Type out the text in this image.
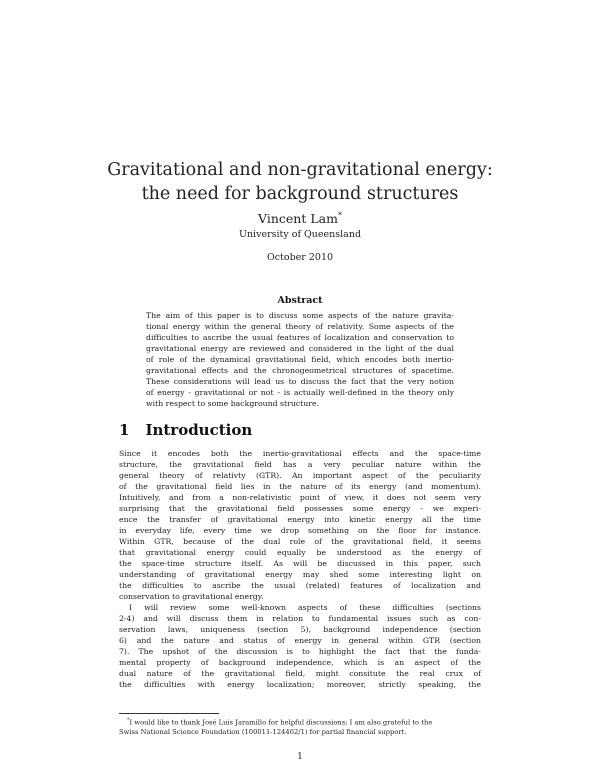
Gravitational and non-gravitational energy: the need for background structures
Vincent Lam*
University of Queensland
October 2010
Abstract
The aim of this paper is to discuss some aspects of the nature gravita-
tional energy within the general theory of relativity. Some aspects of the
difficulties to ascribe the usual features of localization and conservation to
gravitational energy are reviewed and considered in the light of the dual
of role of the dynamical gravitational field, which encodes both inertio-
gravitational effects and the chronogeometrical structures of spacetime.
These considerations will lead us to discuss the fact that the very notion
of energy - gravitational or not - is actually well-defined in the theory only
with respect to some background structure.
1 Introduction
Since it encodes both the inertio-gravitational effects and the space-time
structure, the gravitational field has a very peculiar nature within the
general theory of relativty (GTR). An important aspect of the peculiarity
of the gravitational field lies in the nature of its energy (and momentum).
Intuitively, and from a non-relativistic point of view, it does not seem very
surprising that the gravitational field possesses some energy - we experi-
ence the transfer of gravitational energy into kinetic energy all the time
in everyday life, every time we drop something on the floor for instance.
Within GTR, because of the dual role of the gravitational field, it seems
that gravitational energy could equally be understood as the energy of
the space-time structure itself. As will be discussed in this paper, such
understanding of gravitational energy may shed some interesting light on
the difficulties to ascribe the usual (related) features of localization and
conservation to gravitational energy.
I will review some well-known aspects of these difficulties (sections
2-4) and will discuss them in relation to fundamental issues such as con-
servation laws, uniqueness (section 5), background independence (section
6) and the nature and status of energy in general within GTR (section
7). The upshot of the discussion is to highlight the fact that the funda-
mental property of background independence, which is an aspect of the
dual nature of the gravitational field, might consitute the real crux of
the difficulties with energy localization; moreover, strictly speaking, the
*I would like to thank José Luis Jaramillo for helpful discussions; I am also grateful to the
Swiss National Science Foundation (100011-124462/1) for partial financial support.
1
